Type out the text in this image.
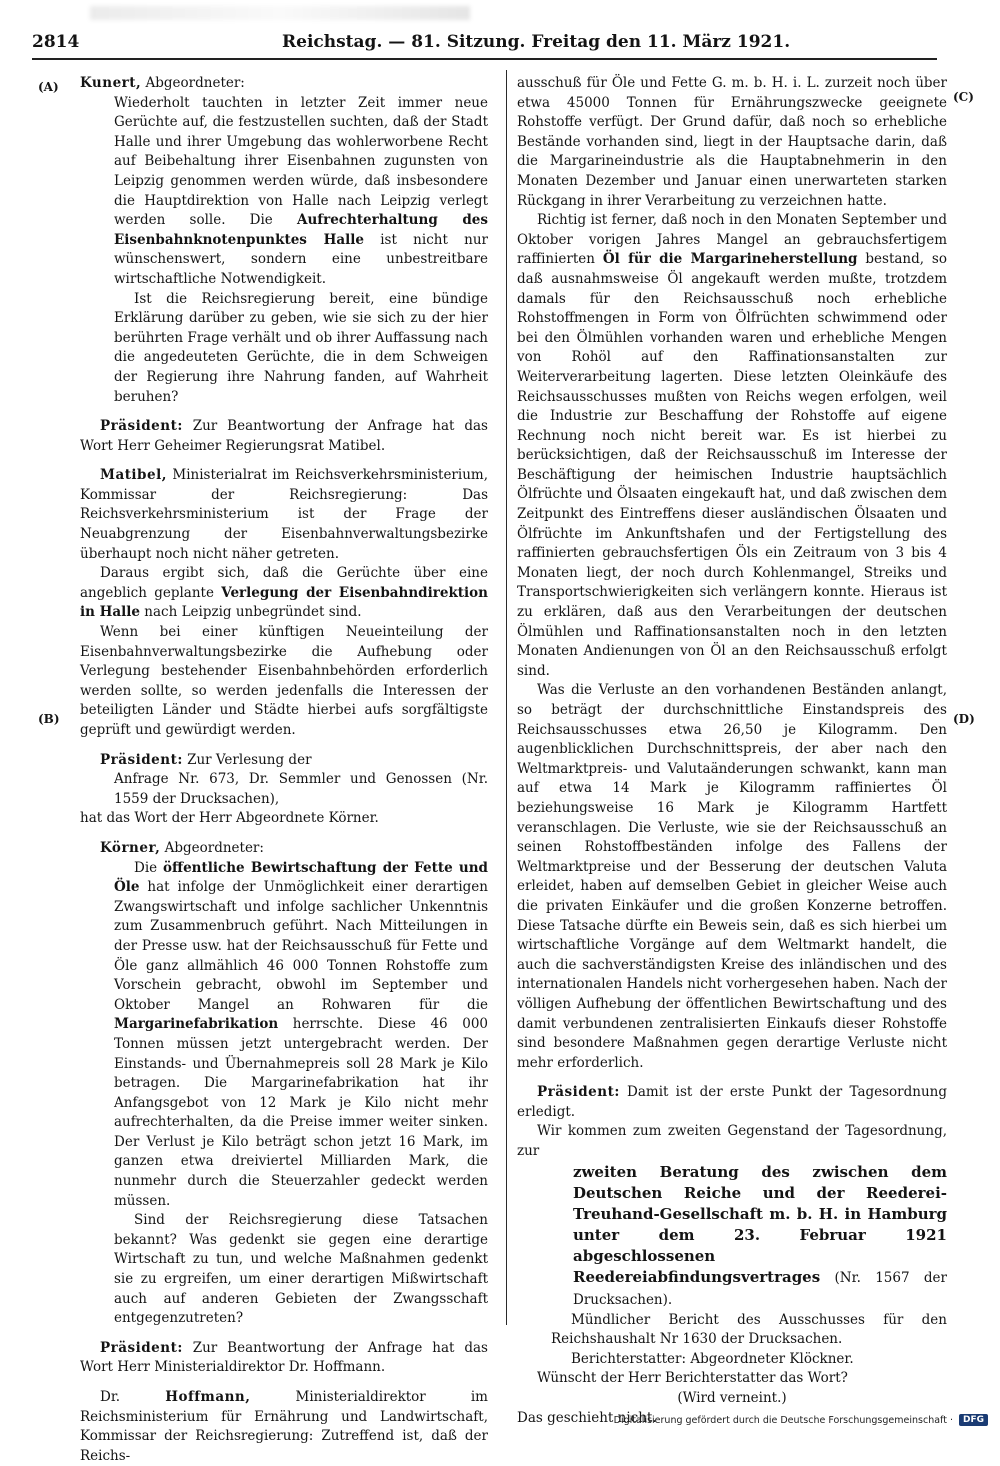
2814	Reichstag. — 81. Sitzung. Freitag den 11. März 1921.
(A)
(B)
(C)
(D)

Kunert, Abgeordneter:

Wiederholt tauchten in letzter Zeit immer neue Gerüchte auf, die festzustellen suchten, daß der Stadt Halle und ihrer Umgebung das wohlerworbene Recht auf Beibehaltung ihrer Eisenbahnen zugunsten von Leipzig genommen werden würde, daß insbesondere die Hauptdirektion von Halle nach Leipzig verlegt werden solle. Die Aufrechterhaltung des Eisenbahnknotenpunktes Halle ist nicht nur wünschenswert, sondern eine unbestreitbare wirtschaftliche Notwendigkeit.

Ist die Reichsregierung bereit, eine bündige Erklärung darüber zu geben, wie sie sich zu der hier berührten Frage verhält und ob ihrer Auffassung nach die angedeuteten Gerüchte, die in dem Schweigen der Regierung ihre Nahrung fanden, auf Wahrheit beruhen?

Präsident: Zur Beantwortung der Anfrage hat das Wort Herr Geheimer Regierungsrat Matibel.

Matibel, Ministerialrat im Reichsverkehrsministerium, Kommissar der Reichsregierung: Das Reichsverkehrsministerium ist der Frage der Neuabgrenzung der Eisenbahnverwaltungsbezirke überhaupt noch nicht näher getreten.

Daraus ergibt sich, daß die Gerüchte über eine angeblich geplante Verlegung der Eisenbahndirektion in Halle nach Leipzig unbegründet sind.

Wenn bei einer künftigen Neueinteilung der Eisenbahnverwaltungsbezirke die Aufhebung oder Verlegung bestehender Eisenbahnbehörden erforderlich werden sollte, so werden jedenfalls die Interessen der beteiligten Länder und Städte hierbei aufs sorgfältigste geprüft und gewürdigt werden.

Präsident: Zur Verlesung der

Anfrage Nr. 673, Dr. Semmler und Genossen (Nr. 1559 der Drucksachen),

hat das Wort der Herr Abgeordnete Körner.

Körner, Abgeordneter:

Die öffentliche Bewirtschaftung der Fette und Öle hat infolge der Unmöglichkeit einer derartigen Zwangswirtschaft und infolge sachlicher Unkenntnis zum Zusammenbruch geführt. Nach Mitteilungen in der Presse usw. hat der Reichsausschuß für Fette und Öle ganz allmählich 46 000 Tonnen Rohstoffe zum Vorschein gebracht, obwohl im September und Oktober Mangel an Rohwaren für die Margarinefabrikation herrschte. Diese 46 000 Tonnen müssen jetzt untergebracht werden. Der Einstands- und Übernahmepreis soll 28 Mark je Kilo betragen. Die Margarinefabrikation hat ihr Anfangsgebot von 12 Mark je Kilo nicht mehr aufrechterhalten, da die Preise immer weiter sinken. Der Verlust je Kilo beträgt schon jetzt 16 Mark, im ganzen etwa dreiviertel Milliarden Mark, die nunmehr durch die Steuerzahler gedeckt werden müssen.

Sind der Reichsregierung diese Tatsachen bekannt? Was gedenkt sie gegen eine derartige Wirtschaft zu tun, und welche Maßnahmen gedenkt sie zu ergreifen, um einer derartigen Mißwirtschaft auch auf anderen Gebieten der Zwangsschaft entgegenzutreten?

Präsident: Zur Beantwortung der Anfrage hat das Wort Herr Ministerialdirektor Dr. Hoffmann.

Dr. Hoffmann, Ministerialdirektor im Reichsministerium für Ernährung und Landwirtschaft, Kommissar der Reichsregierung: Zutreffend ist, daß der Reichs-

ausschuß für Öle und Fette G. m. b. H. i. L. zurzeit noch über etwa 45000 Tonnen für Ernährungszwecke geeignete Rohstoffe verfügt. Der Grund dafür, daß noch so erhebliche Bestände vorhanden sind, liegt in der Hauptsache darin, daß die Margarineindustrie als die Hauptabnehmerin in den Monaten Dezember und Januar einen unerwarteten starken Rückgang in ihrer Verarbeitung zu verzeichnen hatte.

Richtig ist ferner, daß noch in den Monaten September und Oktober vorigen Jahres Mangel an gebrauchsfertigem raffinierten Öl für die Margarineherstellung bestand, so daß ausnahmsweise Öl angekauft werden mußte, trotzdem damals für den Reichsausschuß noch erhebliche Rohstoffmengen in Form von Ölfrüchten schwimmend oder bei den Ölmühlen vorhanden waren und erhebliche Mengen von Rohöl auf den Raffinationsanstalten zur Weiterverarbeitung lagerten. Diese letzten Oleinkäufe des Reichsausschusses mußten von Reichs wegen erfolgen, weil die Industrie zur Beschaffung der Rohstoffe auf eigene Rechnung noch nicht bereit war. Es ist hierbei zu berücksichtigen, daß der Reichsausschuß im Interesse der Beschäftigung der heimischen Industrie hauptsächlich Ölfrüchte und Ölsaaten eingekauft hat, und daß zwischen dem Zeitpunkt des Eintreffens dieser ausländischen Ölsaaten und Ölfrüchte im Ankunftshafen und der Fertigstellung des raffinierten gebrauchsfertigen Öls ein Zeitraum von 3 bis 4 Monaten liegt, der noch durch Kohlenmangel, Streiks und Transportschwierigkeiten sich verlängern konnte. Hieraus ist zu erklären, daß aus den Verarbeitungen der deutschen Ölmühlen und Raffinationsanstalten noch in den letzten Monaten Andienungen von Öl an den Reichsausschuß erfolgt sind.

Was die Verluste an den vorhandenen Beständen anlangt, so beträgt der durchschnittliche Einstandspreis des Reichsausschusses etwa 26,50 je Kilogramm. Den augenblicklichen Durchschnittspreis, der aber nach den Weltmarktpreis- und Valutaänderungen schwankt, kann man auf etwa 14 Mark je Kilogramm raffiniertes Öl beziehungsweise 16 Mark je Kilogramm Hartfett veranschlagen. Die Verluste, wie sie der Reichsausschuß an seinen Rohstoffbeständen infolge des Fallens der Weltmarktpreise und der Besserung der deutschen Valuta erleidet, haben auf demselben Gebiet in gleicher Weise auch die privaten Einkäufer und die großen Konzerne betroffen. Diese Tatsache dürfte ein Beweis sein, daß es sich hierbei um wirtschaftliche Vorgänge auf dem Weltmarkt handelt, die auch die sachverständigsten Kreise des inländischen und des internationalen Handels nicht vorhergesehen haben. Nach der völligen Aufhebung der öffentlichen Bewirtschaftung und des damit verbundenen zentralisierten Einkaufs dieser Rohstoffe sind besondere Maßnahmen gegen derartige Verluste nicht mehr erforderlich.

Präsident: Damit ist der erste Punkt der Tagesordnung erledigt.

Wir kommen zum zweiten Gegenstand der Tagesordnung, zur

zweiten Beratung des zwischen dem Deutschen Reiche und der Reederei-Treuhand-Gesellschaft m. b. H. in Hamburg unter dem 23. Februar 1921 abgeschlossenen Reedereiabfindungsvertrages (Nr. 1567 der Drucksachen).

Mündlicher Bericht des Ausschusses für den Reichshaushalt Nr 1630 der Drucksachen.

Berichterstatter: Abgeordneter Klöckner.

Wünscht der Herr Berichterstatter das Wort?

(Wird verneint.)

Das geschieht nicht.

Digitalisierung gefördert durch die Deutsche Forschungsgemeinschaft ·	DFG
